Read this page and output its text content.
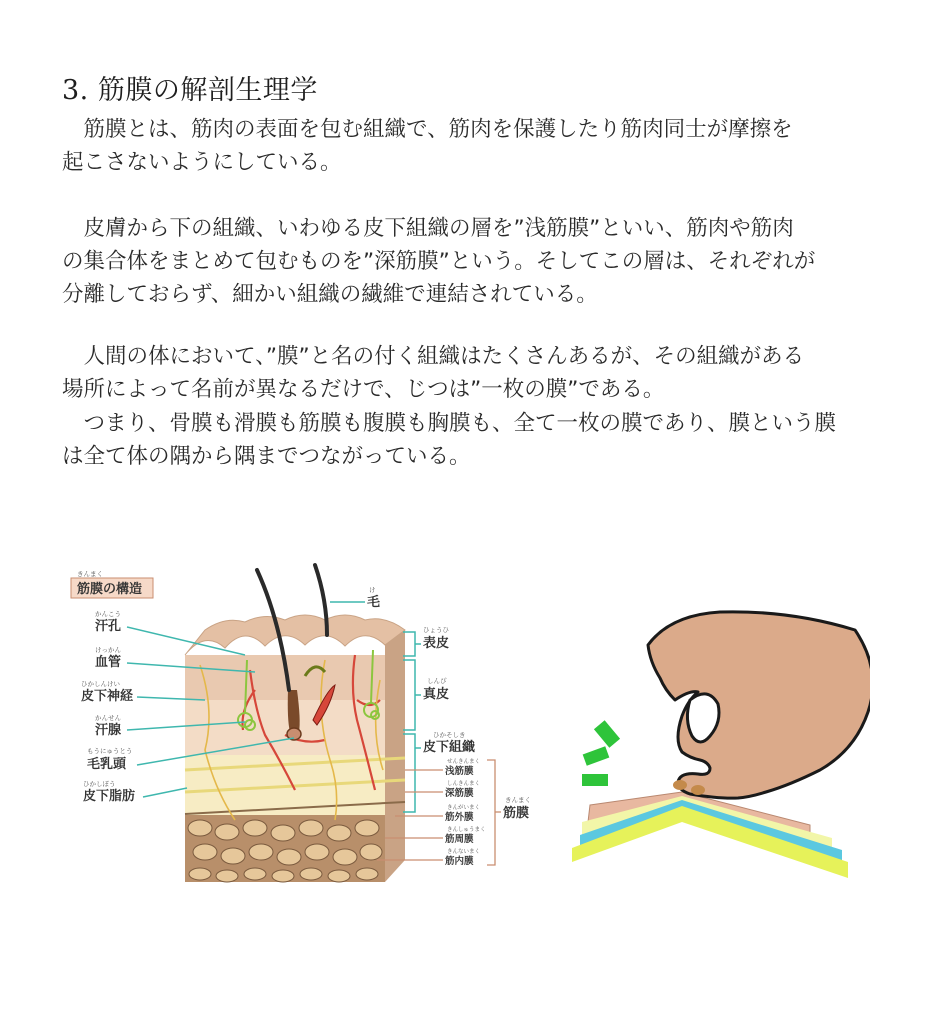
3. 筋膜の解剖生理学

　筋膜とは、筋肉の表面を包む組織で、筋肉を保護したり筋肉同士が摩擦を
起こさないようにしている。

　皮膚から下の組織、いわゆる皮下組織の層を”浅筋膜”といい、筋肉や筋肉
の集合体をまとめて包むものを”深筋膜”という。そしてこの層は、それぞれが
分離しておらず、細かい組織の繊維で連結されている。

　人間の体において、”膜”と名の付く組織はたくさんあるが、その組織がある
場所によって名前が異なるだけで、じつは”一枚の膜”である。

　つまり、骨膜も滑膜も筋膜も腹膜も胸膜も、全て一枚の膜であり、膜という膜
は全て体の隅から隅までつながっている。

きんまく
筋膜の構造
かんこう
汗孔
けっかん
血管
ひかしんけい
皮下神経
かんせん
汗腺
もうにゅうとう
毛乳頭
ひかしぼう
皮下脂肪
け
毛
ひょうひ
表皮
しんぴ
真皮
ひかそしき
皮下組織
せんきんまく
浅筋膜
しんきんまく
深筋膜
きんがいまく
筋外膜
きんしゅうまく
筋周膜
きんないまく
筋内膜
きんまく
筋膜
